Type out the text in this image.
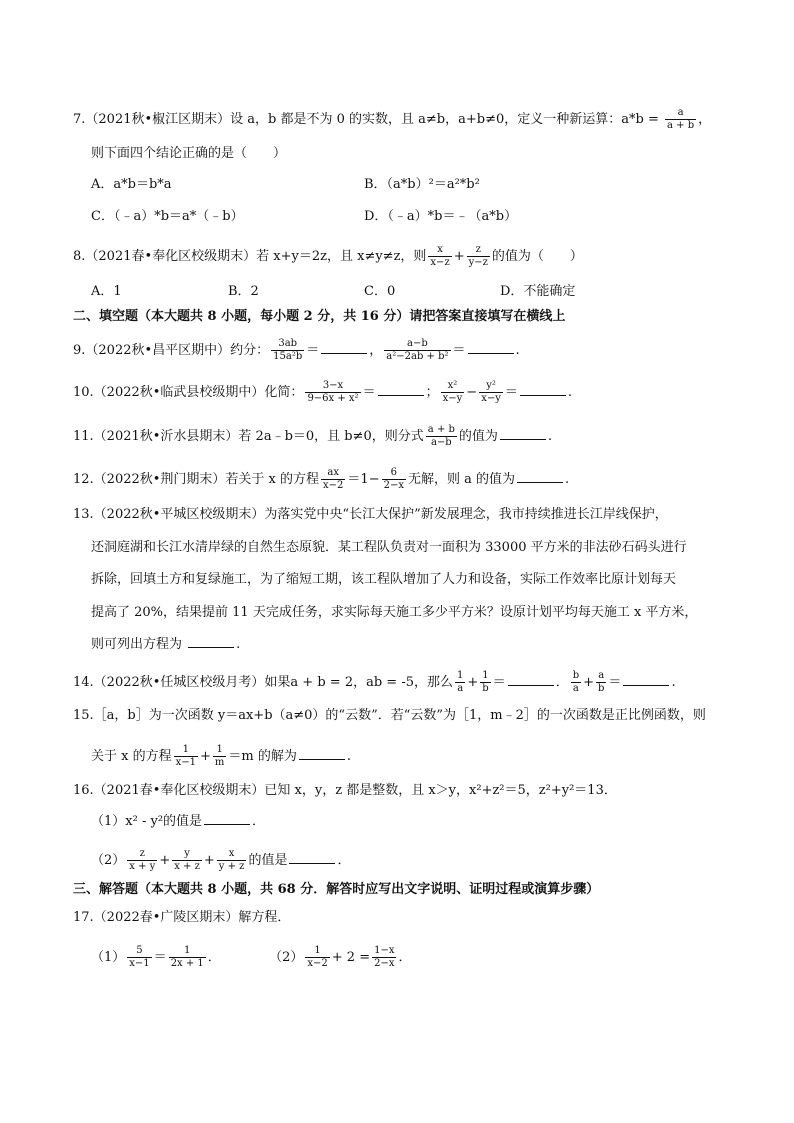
7.（2021秋•椒江区期末）设 a，b 都是不为 0 的实数，且 a≠b，a+b≠0，定义一种新运算：$a*b = \frac{a}{a + b}$ ，
则下面四个结论正确的是（　　）
A．a*b＝b*a	B．（a*b）²＝a²*b²
C．（﹣a）*b＝a*（﹣b）	D．（﹣a）*b＝﹣（a*b）
8.（2021春•奉化区校级期末）若 x+y＝2z，且 x≠y≠z，则 $\frac{x}{x-z} + \frac{z}{y-z}$ 的值为（　　）
A．1	B．2	C．0	D．不能确定
二、填空题（本大题共 8 小题，每小题 2 分，共 16 分）请把答案直接填写在横线上
9.（2022秋•昌平区期中）约分： $\frac{3ab}{\text{15a²b}}$ ＝	， $\frac{a-b}{\text{a²−2ab + b²}}$ ＝	.
10.（2022秋•临武县校级期中）化简： $\frac{3-x}{\text{9−6x + x²}}$ ＝	； $\frac{\text{x²}}{x-y} - \frac{\text{y²}}{x-y}$ ＝	.
11.（2021秋•沂水县期末）若 2a﹣b＝0，且 b≠0，则分式 $\frac{a + b}{a-b}$ 的值为	.
12.（2022秋•荆门期末）若关于 x 的方程 $\frac{ax}{x-2} =1- \frac{6}{2-x}$ 无解，则 a 的值为	.
13.（2022秋•平城区校级期末）为落实党中央“长江大保护”新发展理念，我市持续推进长江岸线保护，
还洞庭湖和长江水清岸绿的自然生态原貌．某工程队负责对一面积为 33000 平方米的非法砂石码头进行
拆除，回填土方和复绿施工，为了缩短工期，该工程队增加了人力和设备，实际工作效率比原计划每天
提高了 20%，结果提前 11 天完成任务，求实际每天施工多少平方米？设原计划平均每天施工 x 平方米，
则可列出方程为	.
14.（2022秋•任城区校级月考）如果a + b = 2，ab = -5，那么 $\frac{1}{a} + \frac{1}{b}$ ＝	． $\frac{b}{a} + \frac{a}{b}$ ＝	.
15.［a，b］为一次函数 y＝ax+b（a≠0）的“云数”．若“云数”为［1，m﹣2］的一次函数是正比例函数，则
关于 x 的方程 $\frac{1}{x-1} + \frac{1}{m} =m$ 的解为	.
16.（2021春•奉化区校级期末）已知 x，y，z 都是整数，且 x＞y，x²+z²＝5，z²+y²＝13．
（1）x² - y²的值是	．
$(2) \frac{z}{x + y} + \frac{y}{x + z} + \frac{x}{y + z}$ 的值是	．
三、解答题（本大题共 8 小题，共 68 分．解答时应写出文字说明、证明过程或演算步骤）
17.（2022春•广陵区期末）解方程．
$(1) \frac{5}{x-1} = \frac{1}{2x + 1}$ ．	$(2) \frac{1}{x-2} + 2 = \frac{1-x}{2-x}$ ．
